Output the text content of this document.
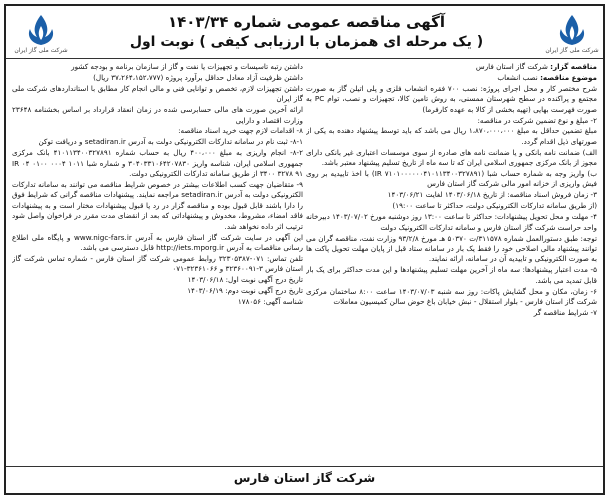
شرکت ملی گاز ایران
آگهی مناقصه عمومی شماره ۱۴۰۳/۳۴
( یک مرحله ای همزمان با ارزیابی کیفی ) نوبت اول
شرکت ملی گاز ایران

مناقصه گزار: شرکت گاز استان فارس

موضوع مناقصه: نصب انشعاب

شرح مختصر کار و محل اجرای پروژه: نصب ۷۰۰ فقره انشعاب فلزی و پلی اتیلن گاز به صورت مجتمع و پراکنده در سطح شهرستان ممسنی، به روش تامین کالا، تجهیزات و نصب، توام PC به صورت فهرست بهایی (تهیه بخشی از کالا به عهده کارفرما)

۲- مبلغ و نوع تضمین شرکت در مناقصه:

مبلغ تضمین حداقل به مبلغ ۱،۸۷۰،۰۰۰،۰۰۰ ریال می باشد که باید توسط پیشنهاد دهنده به یکی از صورتهای ذیل اقدام گردد.

الف) ضمانت نامه بانکی و یا ضمانت نامه های صادره از سوی موسسات اعتباری غیر بانکی دارای مجوز از بانک مرکزی جمهوری اسلامی ایران که تا سه ماه از تاریخ تسلیم پیشنهاد معتبر باشد.

ب) واریز وجه به شماره حساب شبا (IR ۷۱۰۱۰۰۰۰۰۰۴۱۰۱۱۳۴۰۰۳۲۷۸۹۱) با اخذ تاییدیه بر روی فیش واریزی از خزانه امور مالی شرکت گاز استان فارس

۳- زمان فروش اسناد مناقصه: از تاریخ ۱۴۰۳/۰۶/۱۸ لغایت ۱۴۰۳/۰۶/۲۱

(از طریق سامانه تدارکات الکترونیکی دولت، حداکثر تا ساعت ۱۹:۰۰)

۴- مهلت و محل تحویل پیشنهادات: حداکثر تا ساعت ۱۳:۰۰ روز دوشنبه مورخ ۱۴۰۳/۰۷/۰۲ دبیرخانه واحد حراست شرکت گاز استان فارس و سامانه تدارکات الکترونیک دولت

توجه: طبق دستورالعمل شماره ۳۱۱۵۷۸/ت ۵۰۳۷۰ هـ مورخ ۹۳/۲/۸ وزارت نفت، مناقصه گران می توانند پیشنهاد مالی اصلاحی خود را فقط یک بار در سامانه ستاد قبل از پایان مهلت تحویل پاکت ها به صورت الکترونیکی و تاییدیه آن در سامانه، ارائه نمایند.

۵- مدت اعتبار پیشنهادها: سه ماه از آخرین مهلت تسلیم پیشنهادها و این مدت حداکثر برای یک بار قابل تمدید می باشد.

۶- زمان، مکان و محل گشایش پاکات: روز سه شنبه ۱۴۰۳/۰۷/۰۳ ساعت ۸:۰۰ ساختمان مرکزی شرکت گاز استان فارس - بلوار استقلال - نبش خیابان باغ حوض سالن کمیسیون معاملات

۷- شرایط مناقصه گر

داشتن رتبه تاسیسات و تجهیزات یا نفت و گاز از سازمان برنامه و بودجه کشور

داشتن ظرفیت آزاد معادل حداقل برآورد پروژه (۳۷،۲۶۴،۱۵۲،۷۷۷ ریال)

داشتن تجهیزات لازم، تخصص و توانایی فنی و مالی انجام کار مطابق با استانداردهای شرکت ملی گاز ایران

ارائه آخرین صورت های مالی حسابرسی شده در زمان انعقاد قرارداد بر اساس بخشنامه ۲۳۶۴۸ وزارت اقتصاد و دارایی

۸- اقدامات لازم جهت خرید اسناد مناقصه:

۸-۱- ثبت نام در سامانه تدارکات الکترونیکی دولت به آدرس setadiran.ir و دریافت توکن

۸-۲- انجام واریزی به مبلغ ۴۰۰،۰۰۰ ریال به حساب شماره ۴۱۰۱۱۳۴۰۰۳۲۷۸۹۱ بانک مرکزی جمهوری اسلامی ایران، شناسه واریز ۳۰۴۰۳۳۱۰۶۴۲۰۷۸۳۰ و شماره شبا IR ۰۴ ۰۱۰۰ ۰۰۰۴ ۱۰۱۱ ۳۴۰۰ ۳۲۷۸ ۹۱ از طریق سامانه تدارکات الکترونیکی دولت.

۹- متقاضیان جهت کسب اطلاعات بیشتر در خصوص شرایط مناقصه می توانند به سامانه تدارکات الکترونیکی دولت به آدرس setadiran.ir مراجعه نمایند. پیشنهادات مناقصه گرانی که شرایط فوق را دارا باشند قابل قبول بوده و مناقصه گزار در رد یا قبول پیشنهادات مختار است و به پیشنهادات فاقد امضاء، مشروط، مخدوش و پیشنهاداتی که بعد از انقضای مدت مقرر در فراخوان واصل شود ترتیب اثر داده نخواهد شد.

این آگهی در سایت شرکت گاز استان فارس به آدرس www.nigc-fars.ir و پایگاه ملی اطلاع رسانی مناقصات به آدرس http://iets.mporg.ir قابل دسترسی می باشد.

تلفن تماس: ۰۷۱-۳۲۳۰۵۳۸۷ روابط عمومی شرکت گاز استان فارس - شماره تماس شرکت گاز استان فارس ۳-۳۲۳۶۰۰۹۱ و ۳۲۳۶۱۰۶۶-۰۷۱

تاریخ درج آگهی نوبت اول: ۱۴۰۳/۰۶/۱۸

تاریخ درج آگهی نوبت دوم: ۱۴۰۳/۰۶/۱۹

شناسه آگهی: ۱۷۸۰۵۶

شرکت گاز استان فارس
